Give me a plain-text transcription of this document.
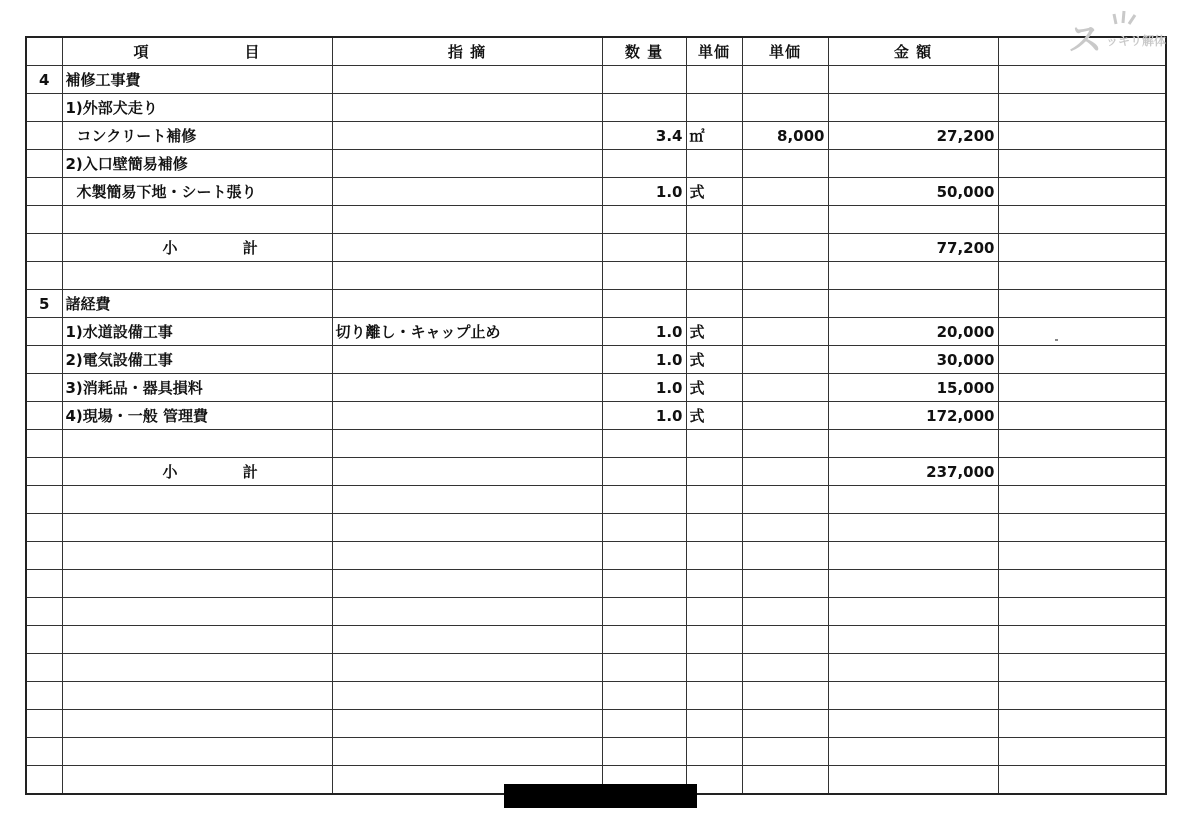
	項 目	指 摘	数 量	単価	単価	金 額	
4	補修工事費						
	1)外部犬走り						
	コンクリート補修		3.4	㎡	8,000	27,200	
	2)入口壁簡易補修						
	木製簡易下地・シート張り		1.0	式		50,000	

	小 計					77,200	

5	諸経費						
	1)水道設備工事	切り離し・キャップ止め	1.0	式		20,000	
	2)電気設備工事		1.0	式		30,000	
	3)消耗品・器具損料		1.0	式		15,000	
	4)現場・一般 管理費		1.0	式		172,000	

	小 計					237,000	

ス ッキリ解体
